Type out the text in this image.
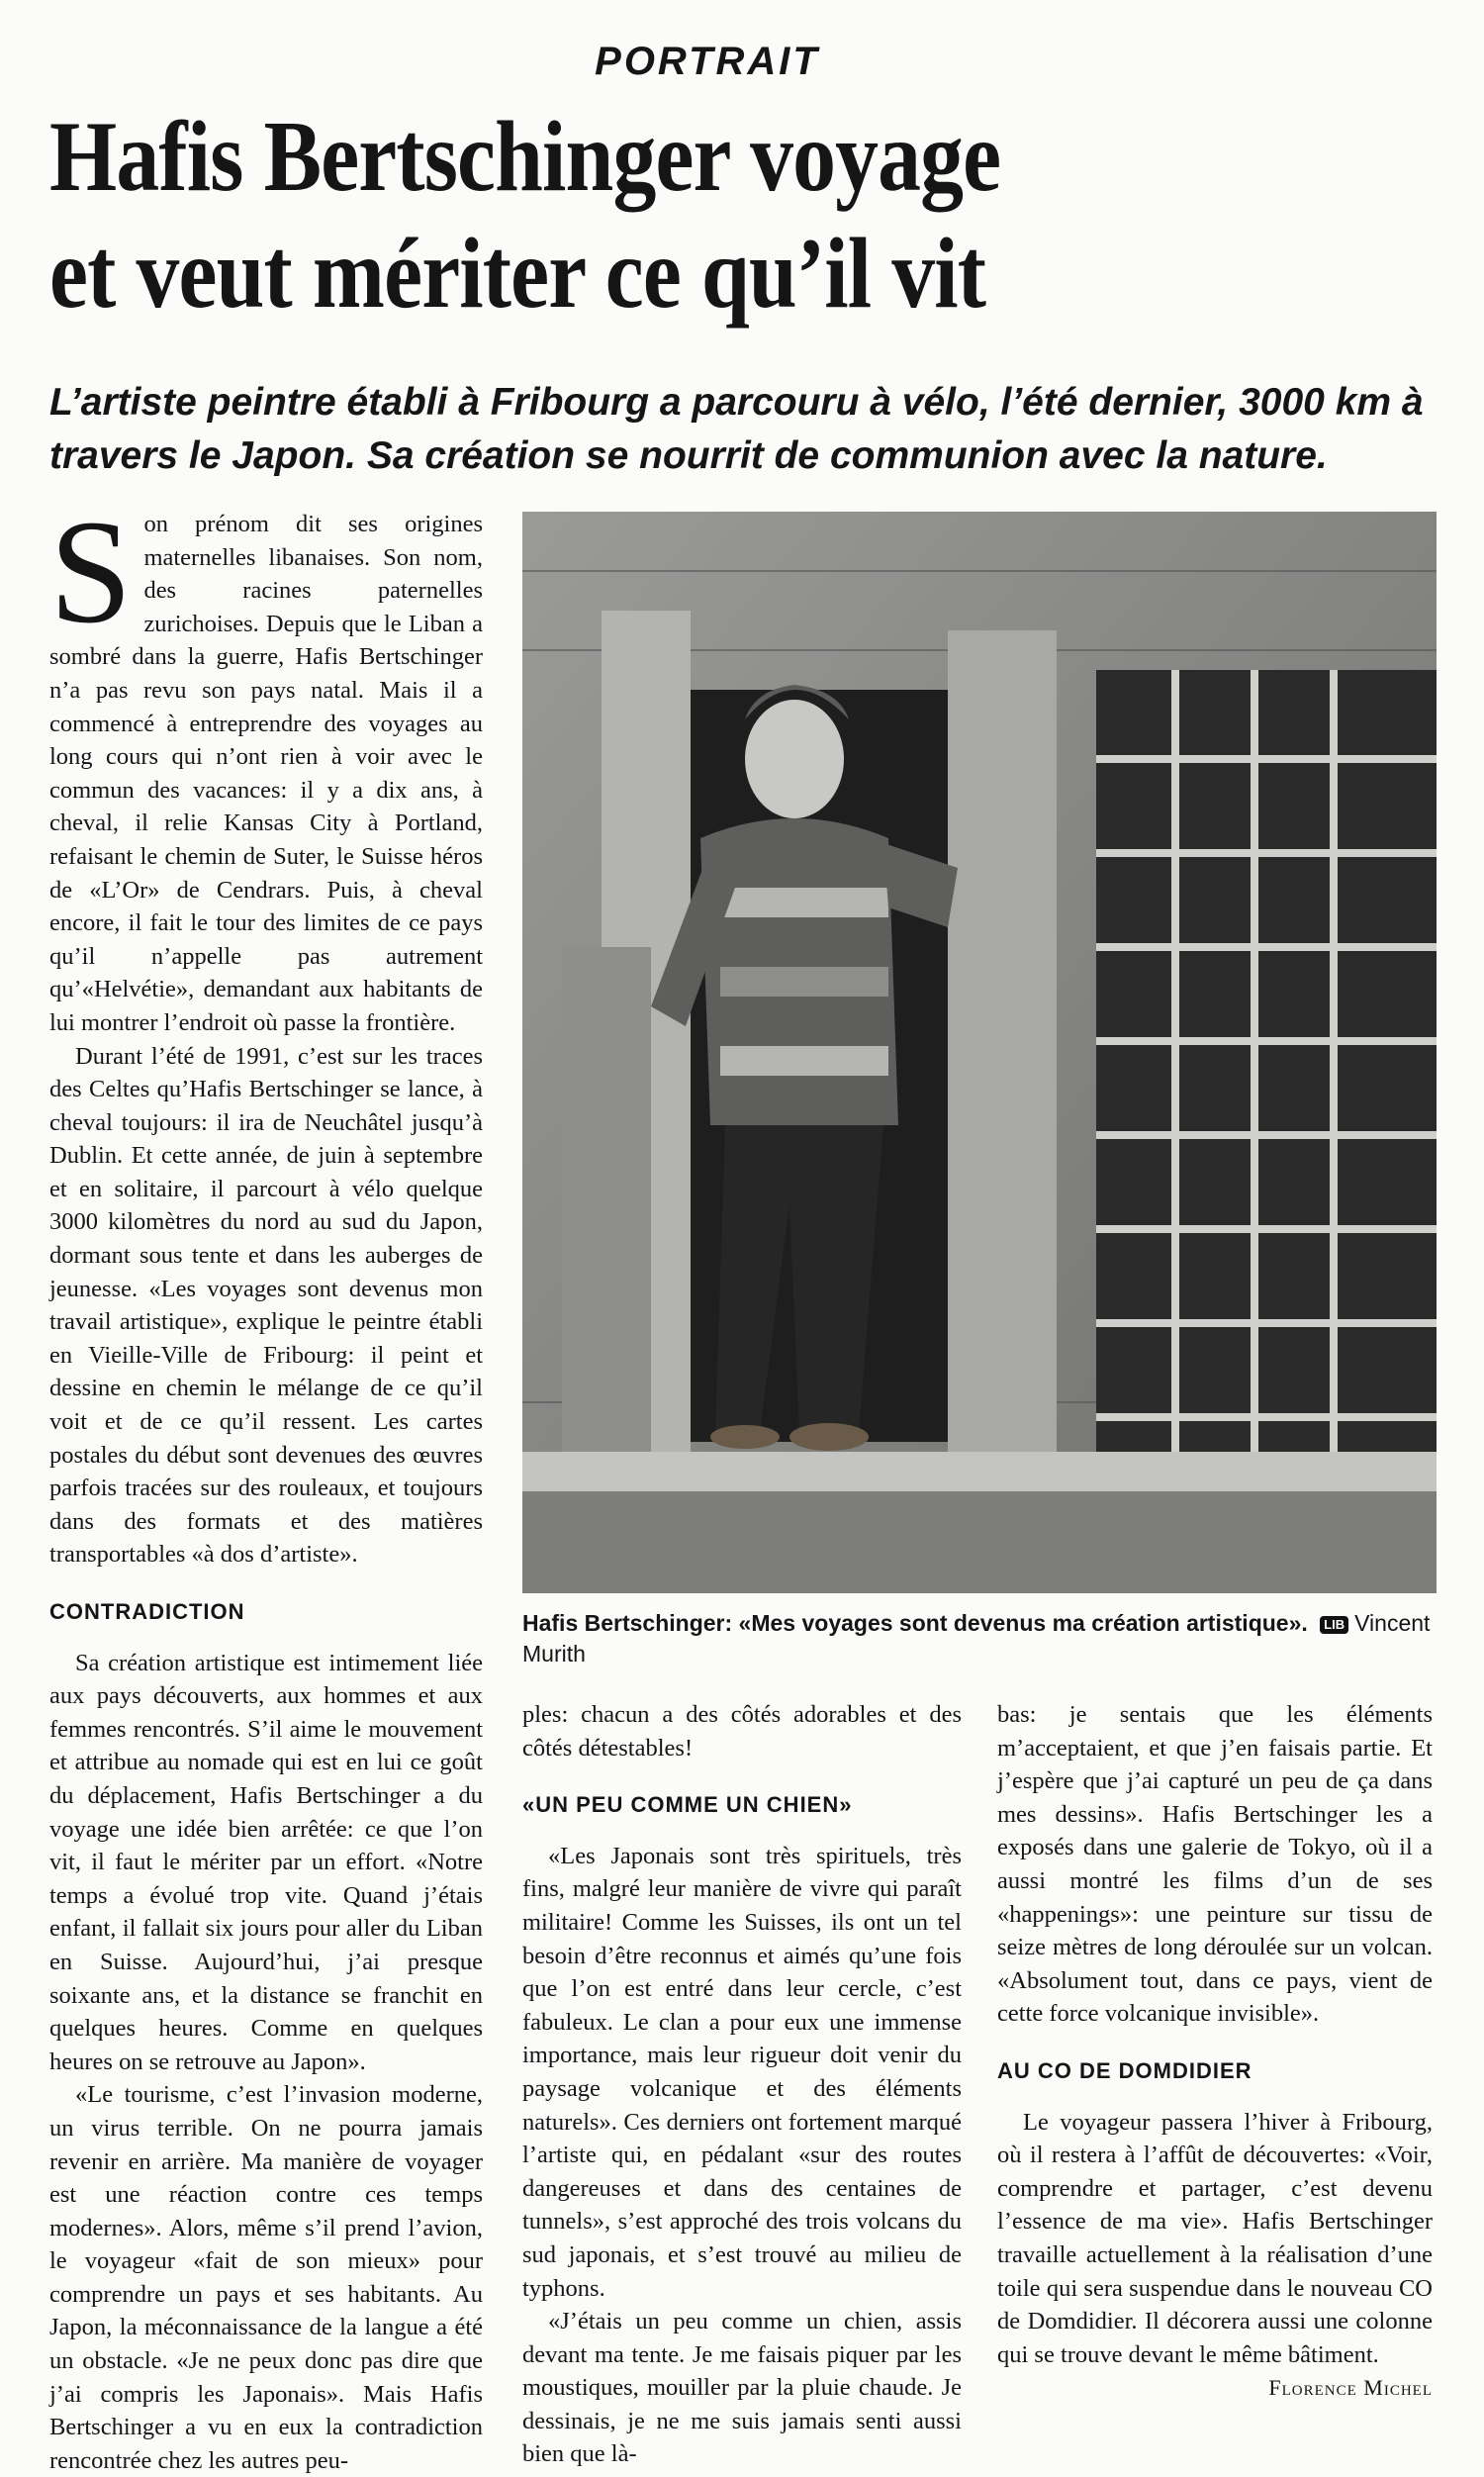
PORTRAIT
Hafis Bertschinger voyage
et veut mériter ce qu’il vit
L’artiste peintre établi à Fribourg a parcouru à vélo, l’été dernier, 3000 km à travers le Japon. Sa création se nourrit de communion avec la nature.

Son prénom dit ses origines maternelles libanaises. Son nom, des racines paternelles zurichoises. Depuis que le Liban a sombré dans la guerre, Hafis Bertschinger n’a pas revu son pays natal. Mais il a commencé à entreprendre des voyages au long cours qui n’ont rien à voir avec le commun des vacances: il y a dix ans, à cheval, il relie Kansas City à Portland, refaisant le chemin de Suter, le Suisse héros de «L’Or» de Cendrars. Puis, à cheval encore, il fait le tour des limites de ce pays qu’il n’appelle pas autrement qu’«Helvétie», demandant aux habitants de lui montrer l’endroit où passe la frontière.

Durant l’été de 1991, c’est sur les traces des Celtes qu’Hafis Bertschinger se lance, à cheval toujours: il ira de Neuchâtel jusqu’à Dublin. Et cette année, de juin à septembre et en solitaire, il parcourt à vélo quelque 3000 kilomètres du nord au sud du Japon, dormant sous tente et dans les auberges de jeunesse. «Les voyages sont devenus mon travail artistique», explique le peintre établi en Vieille-Ville de Fribourg: il peint et dessine en chemin le mélange de ce qu’il voit et de ce qu’il ressent. Les cartes postales du début sont devenues des œuvres parfois tracées sur des rouleaux, et toujours dans des formats et des matières transportables «à dos d’artiste».

CONTRADICTION

Sa création artistique est intimement liée aux pays découverts, aux hommes et aux femmes rencontrés. S’il aime le mouvement et attribue au nomade qui est en lui ce goût du déplacement, Hafis Bertschinger a du voyage une idée bien arrêtée: ce que l’on vit, il faut le mériter par un effort. «Notre temps a évolué trop vite. Quand j’étais enfant, il fallait six jours pour aller du Liban en Suisse. Aujourd’hui, j’ai presque soixante ans, et la distance se franchit en quelques heures. Comme en quelques heures on se retrouve au Japon».

«Le tourisme, c’est l’invasion moderne, un virus terrible. On ne pourra jamais revenir en arrière. Ma manière de voyager est une réaction contre ces temps modernes». Alors, même s’il prend l’avion, le voyageur «fait de son mieux» pour comprendre un pays et ses habitants. Au Japon, la méconnaissance de la langue a été un obstacle. «Je ne peux donc pas dire que j’ai compris les Japonais». Mais Hafis Bertschinger a vu en eux la contradiction rencontrée chez les autres peu-

Hafis Bertschinger: «Mes voyages sont devenus ma création artistique». LIB Vincent Murith

ples: chacun a des côtés adorables et des côtés détestables!

«UN PEU COMME UN CHIEN»

«Les Japonais sont très spirituels, très fins, malgré leur manière de vivre qui paraît militaire! Comme les Suisses, ils ont un tel besoin d’être reconnus et aimés qu’une fois que l’on est entré dans leur cercle, c’est fabuleux. Le clan a pour eux une immense importance, mais leur rigueur doit venir du paysage volcanique et des éléments naturels». Ces derniers ont fortement marqué l’artiste qui, en pédalant «sur des routes dangereuses et dans des centaines de tunnels», s’est approché des trois volcans du sud japonais, et s’est trouvé au milieu de typhons.

«J’étais un peu comme un chien, assis devant ma tente. Je me faisais piquer par les moustiques, mouiller par la pluie chaude. Je dessinais, je ne me suis jamais senti aussi bien que là-

bas: je sentais que les éléments m’acceptaient, et que j’en faisais partie. Et j’espère que j’ai capturé un peu de ça dans mes dessins». Hafis Bertschinger les a exposés dans une galerie de Tokyo, où il a aussi montré les films d’un de ses «happenings»: une peinture sur tissu de seize mètres de long déroulée sur un volcan. «Absolument tout, dans ce pays, vient de cette force volcanique invisible».

AU CO DE DOMDIDIER

Le voyageur passera l’hiver à Fribourg, où il restera à l’affût de découvertes: «Voir, comprendre et partager, c’est devenu l’essence de ma vie». Hafis Bertschinger travaille actuellement à la réalisation d’une toile qui sera suspendue dans le nouveau CO de Domdidier. Il décorera aussi une colonne qui se trouve devant le même bâtiment.

Florence Michel
